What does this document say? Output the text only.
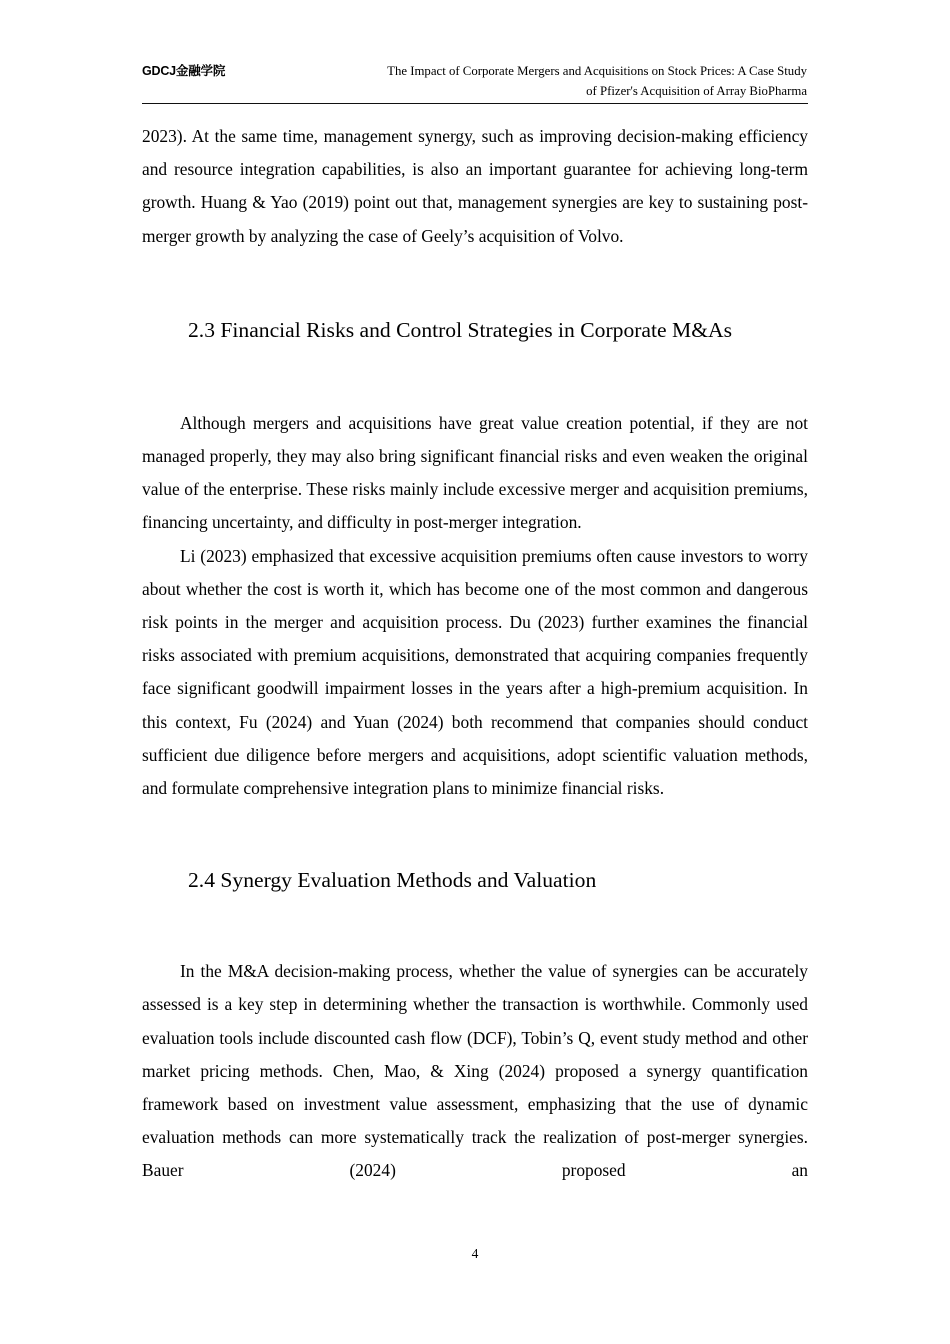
GDCJ金融学院	The Impact of Corporate Mergers and Acquisitions on Stock Prices: A Case Study
of Pfizer's Acquisition of Array BioPharma

2023). At the same time, management synergy, such as improving decision-making efficiency and resource integration capabilities, is also an important guarantee for achieving long-term growth. Huang & Yao (2019) point out that, management synergies are key to sustaining post-merger growth by analyzing the case of Geely’s acquisition of Volvo.

2.3 Financial Risks and Control Strategies in Corporate M&As

Although mergers and acquisitions have great value creation potential, if they are not managed properly, they may also bring significant financial risks and even weaken the original value of the enterprise. These risks mainly include excessive merger and acquisition premiums, financing uncertainty, and difficulty in post-merger integration.

Li (2023) emphasized that excessive acquisition premiums often cause investors to worry about whether the cost is worth it, which has become one of the most common and dangerous risk points in the merger and acquisition process. Du (2023) further examines the financial risks associated with premium acquisitions, demonstrated that acquiring companies frequently face significant goodwill impairment losses in the years after a high-premium acquisition. In this context, Fu (2024) and Yuan (2024) both recommend that companies should conduct sufficient due diligence before mergers and acquisitions, adopt scientific valuation methods, and formulate comprehensive integration plans to minimize financial risks.

2.4 Synergy Evaluation Methods and Valuation

In the M&A decision-making process, whether the value of synergies can be accurately assessed is a key step in determining whether the transaction is worthwhile. Commonly used evaluation tools include discounted cash flow (DCF), Tobin’s Q, event study method and other market pricing methods. Chen, Mao, & Xing (2024) proposed a synergy quantification framework based on investment value assessment, emphasizing that the use of dynamic evaluation methods can more systematically track the realization of post-merger synergies. Bauer (2024) proposed an

4
